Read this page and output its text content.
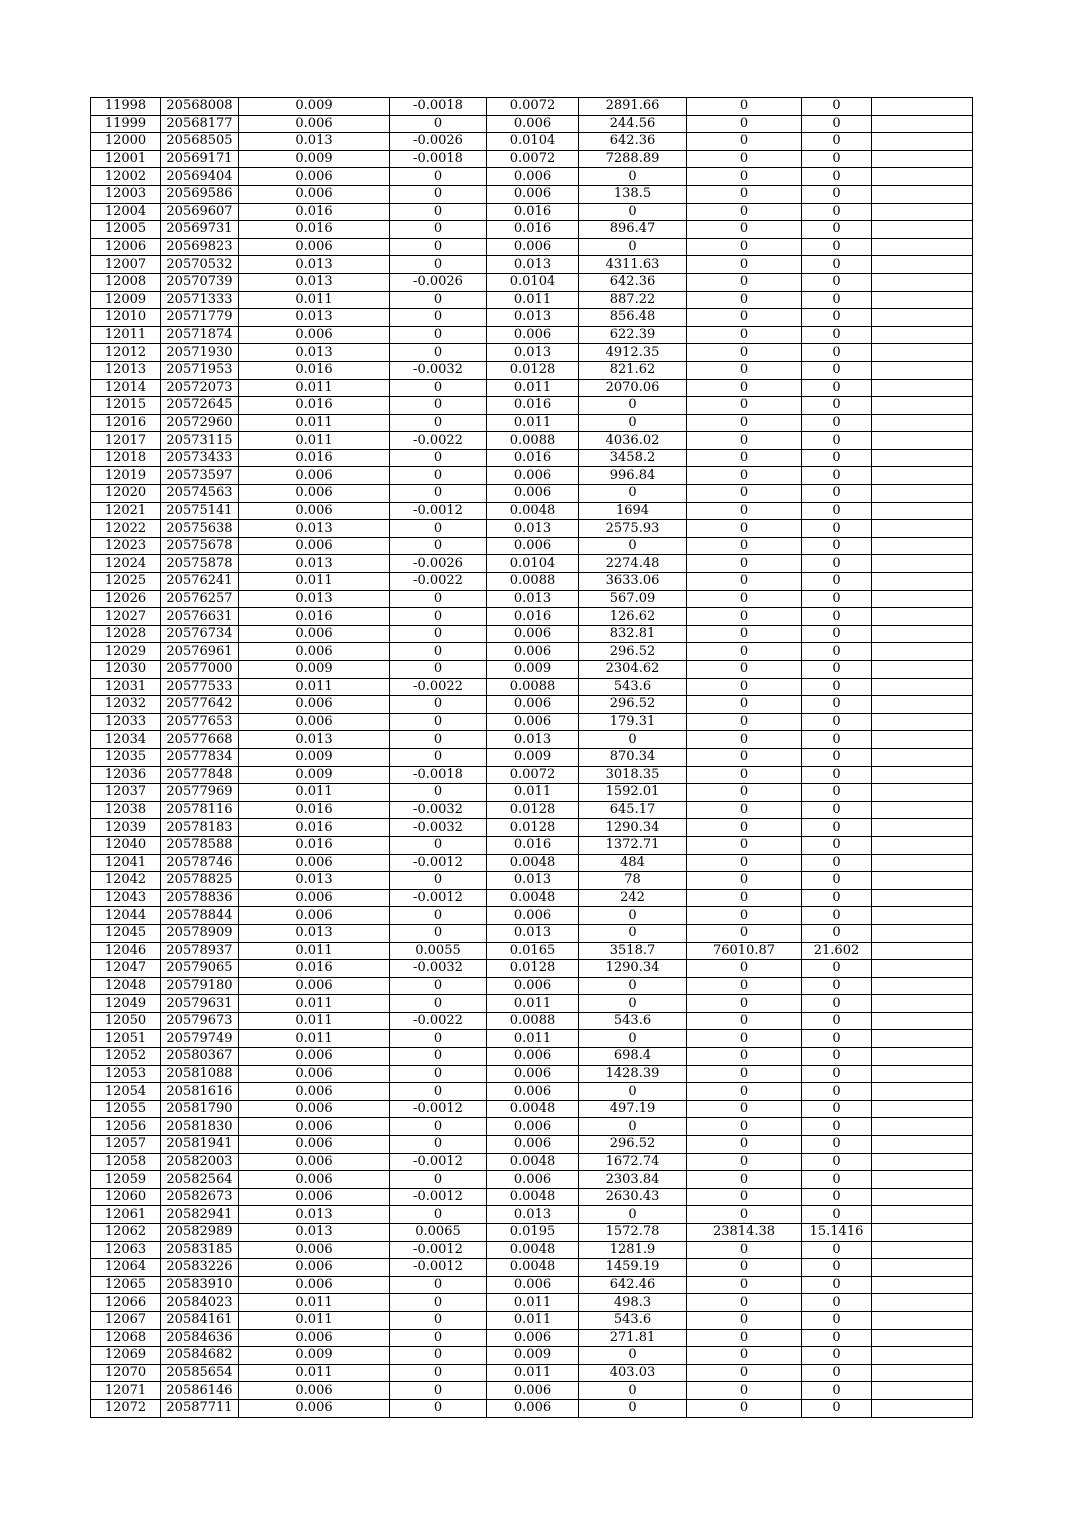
11998	20568008	0.009	-0.0018	0.0072	2891.66	0	0	
11999	20568177	0.006	0	0.006	244.56	0	0	
12000	20568505	0.013	-0.0026	0.0104	642.36	0	0	
12001	20569171	0.009	-0.0018	0.0072	7288.89	0	0	
12002	20569404	0.006	0	0.006	0	0	0	
12003	20569586	0.006	0	0.006	138.5	0	0	
12004	20569607	0.016	0	0.016	0	0	0	
12005	20569731	0.016	0	0.016	896.47	0	0	
12006	20569823	0.006	0	0.006	0	0	0	
12007	20570532	0.013	0	0.013	4311.63	0	0	
12008	20570739	0.013	-0.0026	0.0104	642.36	0	0	
12009	20571333	0.011	0	0.011	887.22	0	0	
12010	20571779	0.013	0	0.013	856.48	0	0	
12011	20571874	0.006	0	0.006	622.39	0	0	
12012	20571930	0.013	0	0.013	4912.35	0	0	
12013	20571953	0.016	-0.0032	0.0128	821.62	0	0	
12014	20572073	0.011	0	0.011	2070.06	0	0	
12015	20572645	0.016	0	0.016	0	0	0	
12016	20572960	0.011	0	0.011	0	0	0	
12017	20573115	0.011	-0.0022	0.0088	4036.02	0	0	
12018	20573433	0.016	0	0.016	3458.2	0	0	
12019	20573597	0.006	0	0.006	996.84	0	0	
12020	20574563	0.006	0	0.006	0	0	0	
12021	20575141	0.006	-0.0012	0.0048	1694	0	0	
12022	20575638	0.013	0	0.013	2575.93	0	0	
12023	20575678	0.006	0	0.006	0	0	0	
12024	20575878	0.013	-0.0026	0.0104	2274.48	0	0	
12025	20576241	0.011	-0.0022	0.0088	3633.06	0	0	
12026	20576257	0.013	0	0.013	567.09	0	0	
12027	20576631	0.016	0	0.016	126.62	0	0	
12028	20576734	0.006	0	0.006	832.81	0	0	
12029	20576961	0.006	0	0.006	296.52	0	0	
12030	20577000	0.009	0	0.009	2304.62	0	0	
12031	20577533	0.011	-0.0022	0.0088	543.6	0	0	
12032	20577642	0.006	0	0.006	296.52	0	0	
12033	20577653	0.006	0	0.006	179.31	0	0	
12034	20577668	0.013	0	0.013	0	0	0	
12035	20577834	0.009	0	0.009	870.34	0	0	
12036	20577848	0.009	-0.0018	0.0072	3018.35	0	0	
12037	20577969	0.011	0	0.011	1592.01	0	0	
12038	20578116	0.016	-0.0032	0.0128	645.17	0	0	
12039	20578183	0.016	-0.0032	0.0128	1290.34	0	0	
12040	20578588	0.016	0	0.016	1372.71	0	0	
12041	20578746	0.006	-0.0012	0.0048	484	0	0	
12042	20578825	0.013	0	0.013	78	0	0	
12043	20578836	0.006	-0.0012	0.0048	242	0	0	
12044	20578844	0.006	0	0.006	0	0	0	
12045	20578909	0.013	0	0.013	0	0	0	
12046	20578937	0.011	0.0055	0.0165	3518.7	76010.87	21.602	
12047	20579065	0.016	-0.0032	0.0128	1290.34	0	0	
12048	20579180	0.006	0	0.006	0	0	0	
12049	20579631	0.011	0	0.011	0	0	0	
12050	20579673	0.011	-0.0022	0.0088	543.6	0	0	
12051	20579749	0.011	0	0.011	0	0	0	
12052	20580367	0.006	0	0.006	698.4	0	0	
12053	20581088	0.006	0	0.006	1428.39	0	0	
12054	20581616	0.006	0	0.006	0	0	0	
12055	20581790	0.006	-0.0012	0.0048	497.19	0	0	
12056	20581830	0.006	0	0.006	0	0	0	
12057	20581941	0.006	0	0.006	296.52	0	0	
12058	20582003	0.006	-0.0012	0.0048	1672.74	0	0	
12059	20582564	0.006	0	0.006	2303.84	0	0	
12060	20582673	0.006	-0.0012	0.0048	2630.43	0	0	
12061	20582941	0.013	0	0.013	0	0	0	
12062	20582989	0.013	0.0065	0.0195	1572.78	23814.38	15.1416	
12063	20583185	0.006	-0.0012	0.0048	1281.9	0	0	
12064	20583226	0.006	-0.0012	0.0048	1459.19	0	0	
12065	20583910	0.006	0	0.006	642.46	0	0	
12066	20584023	0.011	0	0.011	498.3	0	0	
12067	20584161	0.011	0	0.011	543.6	0	0	
12068	20584636	0.006	0	0.006	271.81	0	0	
12069	20584682	0.009	0	0.009	0	0	0	
12070	20585654	0.011	0	0.011	403.03	0	0	
12071	20586146	0.006	0	0.006	0	0	0	
12072	20587711	0.006	0	0.006	0	0	0	
